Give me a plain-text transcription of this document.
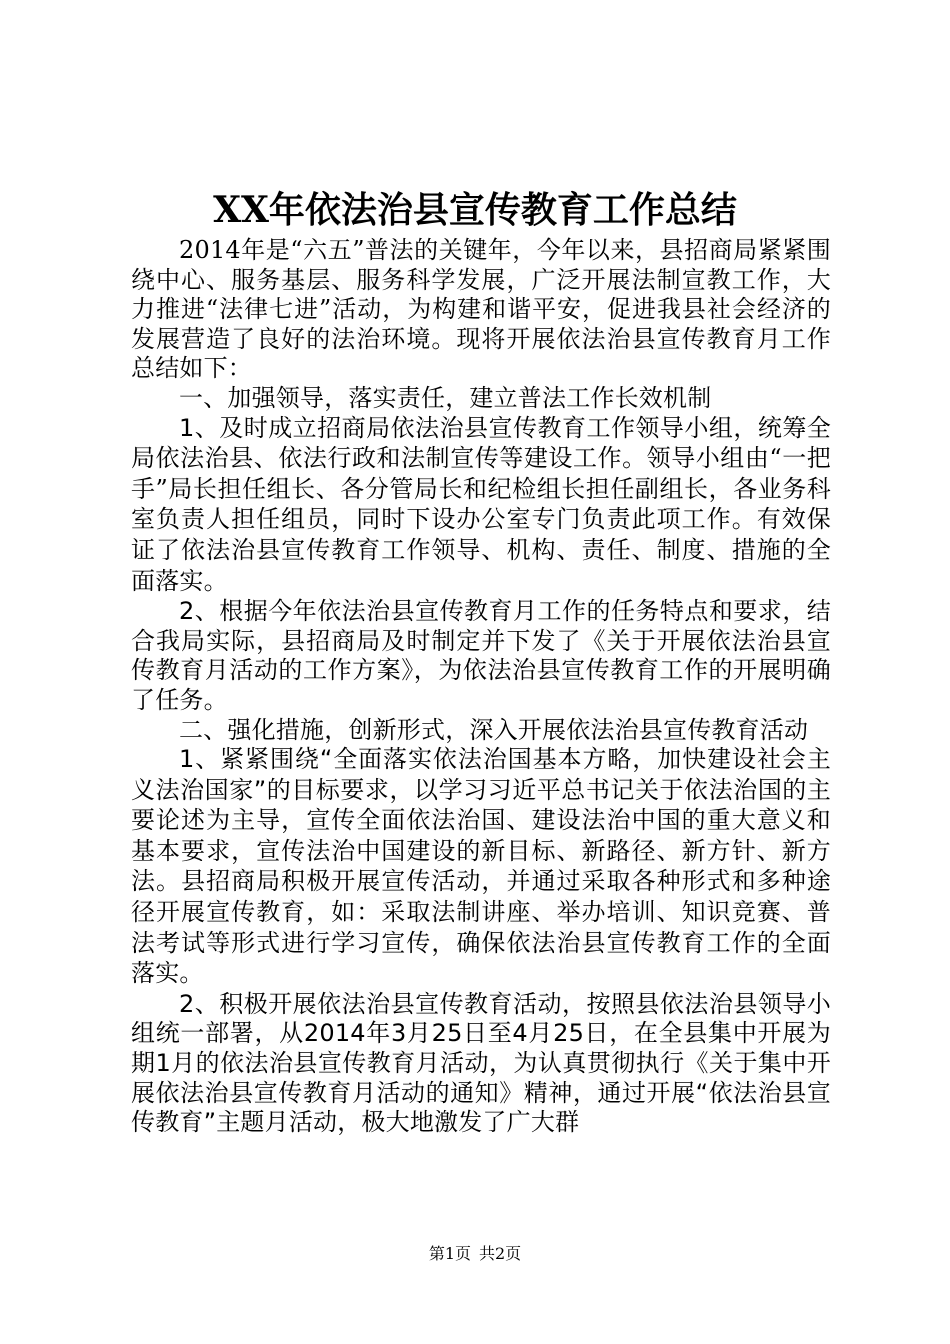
XX年依法治县宣传教育工作总结

2014年是“六五”普法的关键年，今年以来，县招商局紧紧围绕中心、服务基层、服务科学发展，广泛开展法制宣教工作，大力推进“法律七进”活动，为构建和谐平安，促进我县社会经济的发展营造了良好的法治环境。现将开展依法治县宣传教育月工作总结如下：

一、加强领导，落实责任，建立普法工作长效机制

1、及时成立招商局依法治县宣传教育工作领导小组，统筹全局依法治县、依法行政和法制宣传等建设工作。领导小组由“一把手”局长担任组长、各分管局长和纪检组长担任副组长，各业务科室负责人担任组员，同时下设办公室专门负责此项工作。有效保证了依法治县宣传教育工作领导、机构、责任、制度、措施的全面落实。

2、根据今年依法治县宣传教育月工作的任务特点和要求，结合我局实际，县招商局及时制定并下发了《关于开展依法治县宣传教育月活动的工作方案》，为依法治县宣传教育工作的开展明确了任务。

二、强化措施，创新形式，深入开展依法治县宣传教育活动

1、紧紧围绕“全面落实依法治国基本方略，加快建设社会主义法治国家”的目标要求，以学习习近平总书记关于依法治国的主要论述为主导，宣传全面依法治国、建设法治中国的重大意义和基本要求，宣传法治中国建设的新目标、新路径、新方针、新方法。县招商局积极开展宣传活动，并通过采取各种形式和多种途径开展宣传教育，如：采取法制讲座、举办培训、知识竞赛、普法考试等形式进行学习宣传，确保依法治县宣传教育工作的全面落实。

2、积极开展依法治县宣传教育活动，按照县依法治县领导小组统一部署，从2014年3月25日至4月25日，在全县集中开展为期1月的依法治县宣传教育月活动，为认真贯彻执行《关于集中开展依法治县宣传教育月活动的通知》精神，通过开展“依法治县宣传教育”主题月活动，极大地激发了广大群

第1页 共2页
